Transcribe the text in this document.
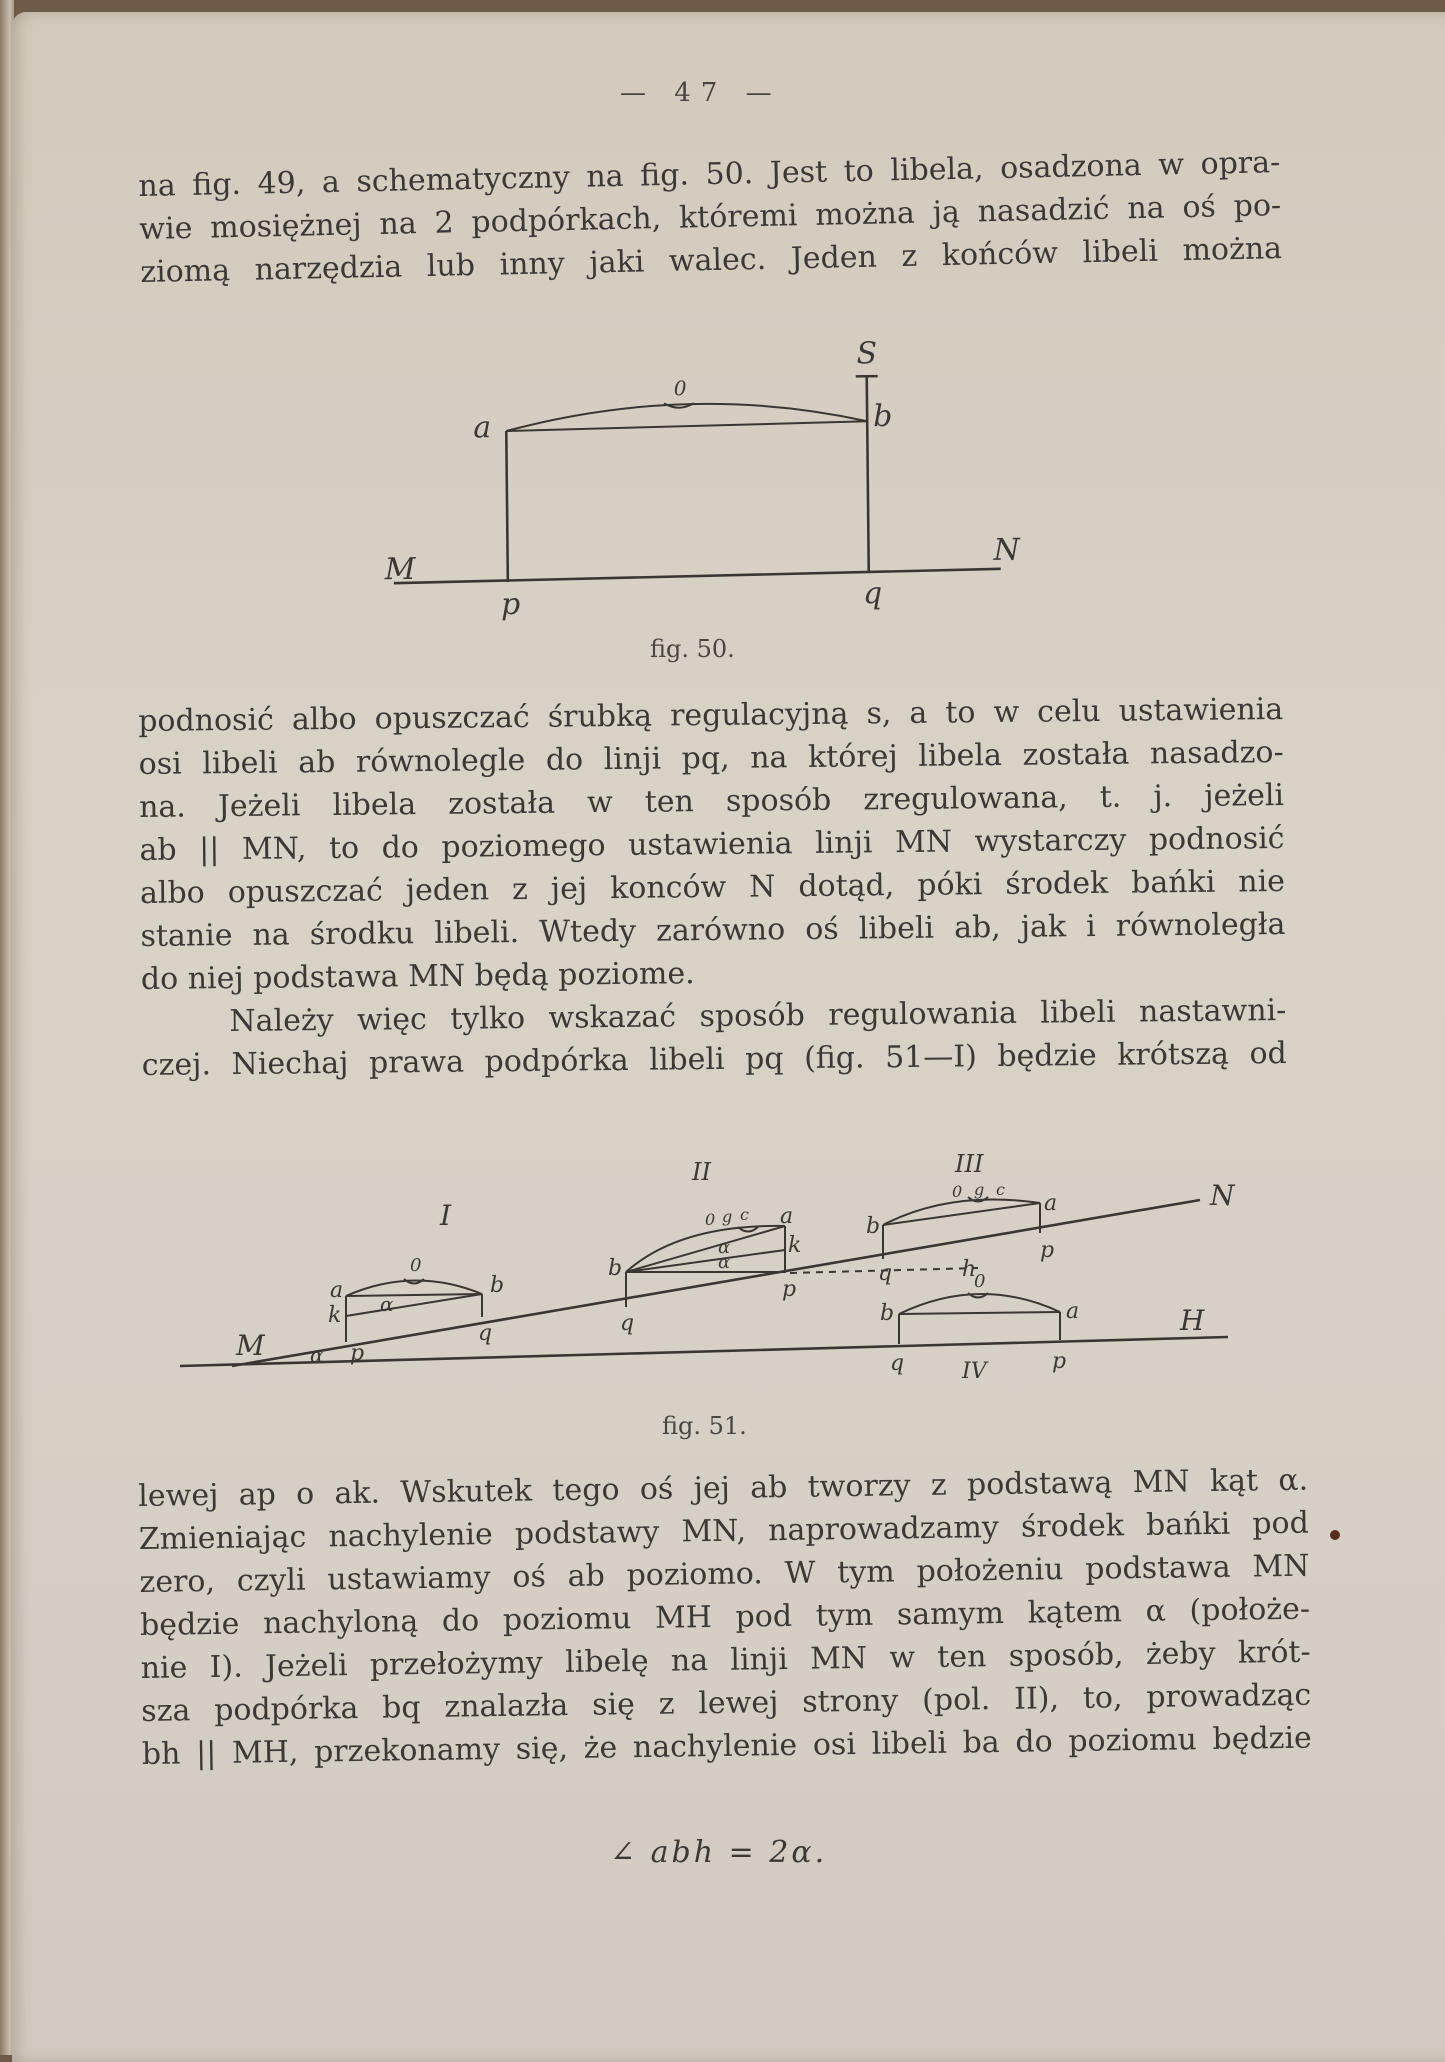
— 47 —
na fig. 49, a schematyczny na fig. 50. Jest to libela, osadzona w opra-
wie mosiężnej na 2 podpórkach, któremi można ją nasadzić na oś po-
ziomą narzędzia lub inny jaki walec. Jeden z końców libeli można
S
0
a	b
M
N
p	q
fig. 50.
podnosić albo opuszczać śrubką regulacyjną s, a to w celu ustawienia
osi libeli ab równolegle do linji pq, na której libela została nasadzo-
na. Jeżeli libela została w ten sposób zregulowana, t. j. jeżeli
ab || MN, to do poziomego ustawienia linji MN wystarczy podnosić
albo opuszczać jeden z jej konców N dotąd, póki środek bańki nie
stanie na środku libeli. Wtedy zarówno oś libeli ab, jak i równoległa
do niej podstawa MN będą poziome.
Należy więc tylko wskazać sposób regulowania libeli nastawni-
czej. Niechaj prawa podpórka libeli pq (fig. 51—I) będzie krótszą od
I
0
a	b
k
q
p
α
α
M
II
0 g c a
k
b
q
p
α
α
III
0 g c
a
b
q	h
p
N
0
b	a
q	p
IV
H
fig. 51.
lewej ap o ak. Wskutek tego oś jej ab tworzy z podstawą MN kąt α.
Zmieniając nachylenie podstawy MN, naprowadzamy środek bańki pod
zero, czyli ustawiamy oś ab poziomo. W tym położeniu podstawa MN
będzie nachyloną do poziomu MH pod tym samym kątem α (położe-
nie I). Jeżeli przełożymy libelę na linji MN w ten sposób, żeby krót-
sza podpórka bq znalazła się z lewej strony (pol. II), to, prowadząc
bh || MH, przekonamy się, że nachylenie osi libeli ba do poziomu będzie
∠ abh = 2α.
